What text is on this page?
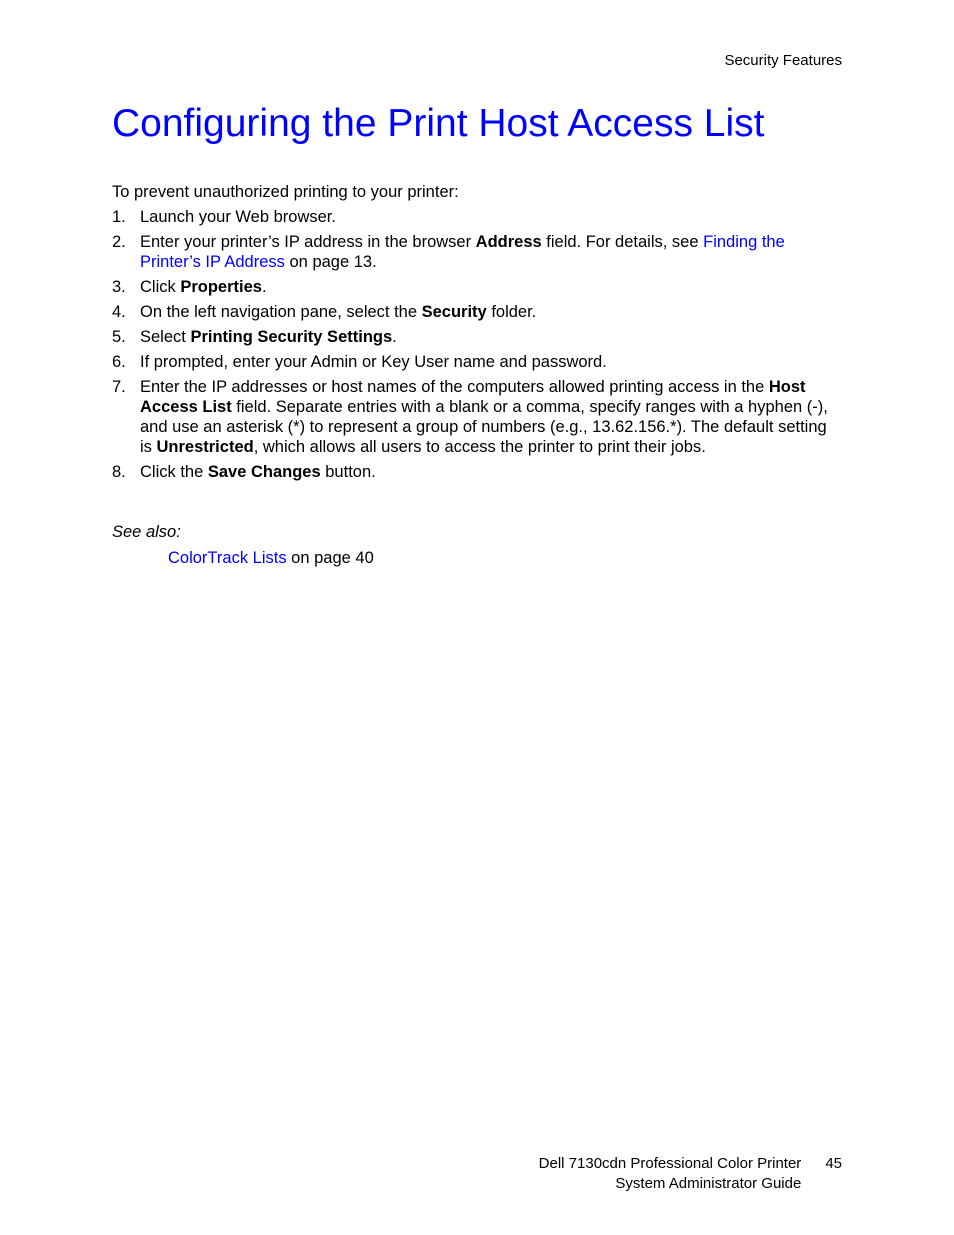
Security Features
Configuring the Print Host Access List

To prevent unauthorized printing to your printer:

1. Launch your Web browser.
2. Enter your printer’s IP address in the browser Address field. For details, see Finding the Printer’s IP Address on page 13.
3. Click Properties.
4. On the left navigation pane, select the Security folder.
5. Select Printing Security Settings.
6. If prompted, enter your Admin or Key User name and password.
7. Enter the IP addresses or host names of the computers allowed printing access in the Host Access List field. Separate entries with a blank or a comma, specify ranges with a hyphen (-), and use an asterisk (*) to represent a group of numbers (e.g., 13.62.156.*). The default setting is Unrestricted, which allows all users to access the printer to print their jobs.
8. Click the Save Changes button.

See also:

ColorTrack Lists on page 40

Dell 7130cdn Professional Color Printer
System Administrator Guide
45
